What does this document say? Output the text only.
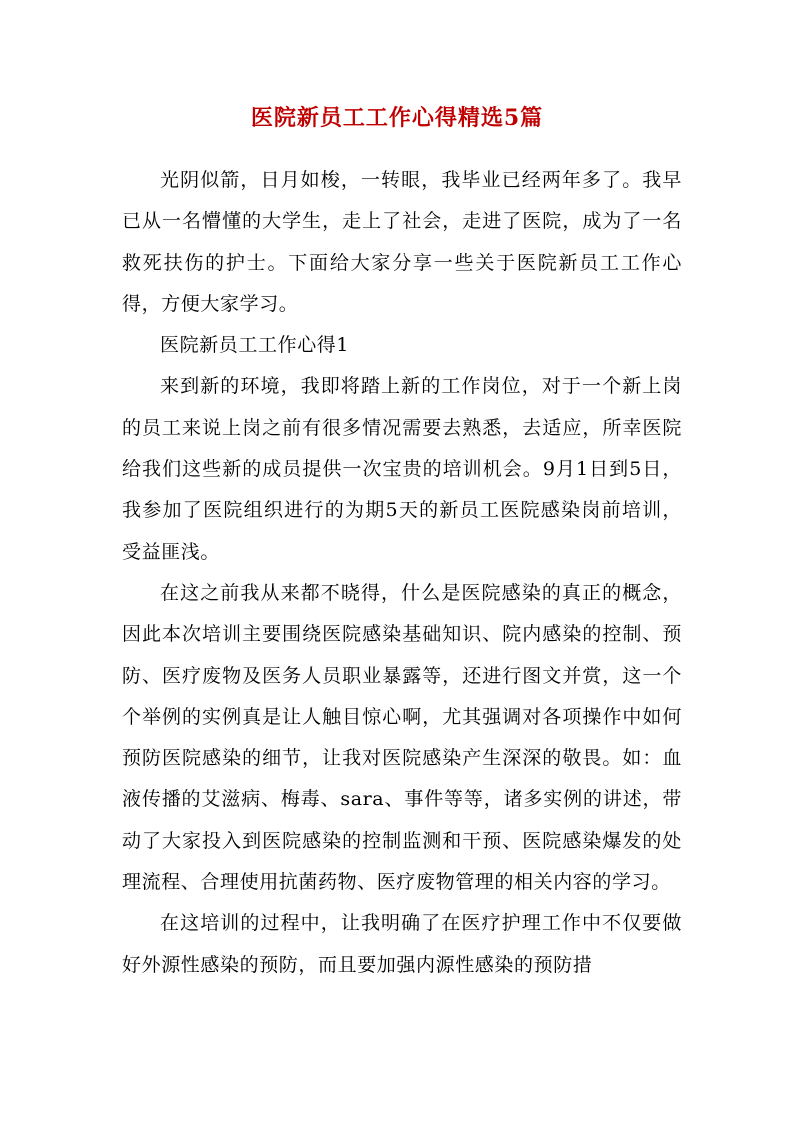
医院新员工工作心得精选5篇

光阴似箭，日月如梭，一转眼，我毕业已经两年多了。我早已从一名懵懂的大学生，走上了社会，走进了医院，成为了一名救死扶伤的护士。下面给大家分享一些关于医院新员工工作心得，方便大家学习。

医院新员工工作心得1

来到新的环境，我即将踏上新的工作岗位，对于一个新上岗的员工来说上岗之前有很多情况需要去熟悉，去适应，所幸医院给我们这些新的成员提供一次宝贵的培训机会。9月1日到5日，我参加了医院组织进行的为期5天的新员工医院感染岗前培训，受益匪浅。

在这之前我从来都不晓得，什么是医院感染的真正的概念，因此本次培训主要围绕医院感染基础知识、院内感染的控制、预防、医疗废物及医务人员职业暴露等，还进行图文并赏，这一个个举例的实例真是让人触目惊心啊，尤其强调对各项操作中如何预防医院感染的细节，让我对医院感染产生深深的敬畏。如：血液传播的艾滋病、梅毒、sara、事件等等，诸多实例的讲述，带动了大家投入到医院感染的控制监测和干预、医院感染爆发的处理流程、合理使用抗菌药物、医疗废物管理的相关内容的学习。

在这培训的过程中，让我明确了在医疗护理工作中不仅要做好外源性感染的预防，而且要加强内源性感染的预防措
